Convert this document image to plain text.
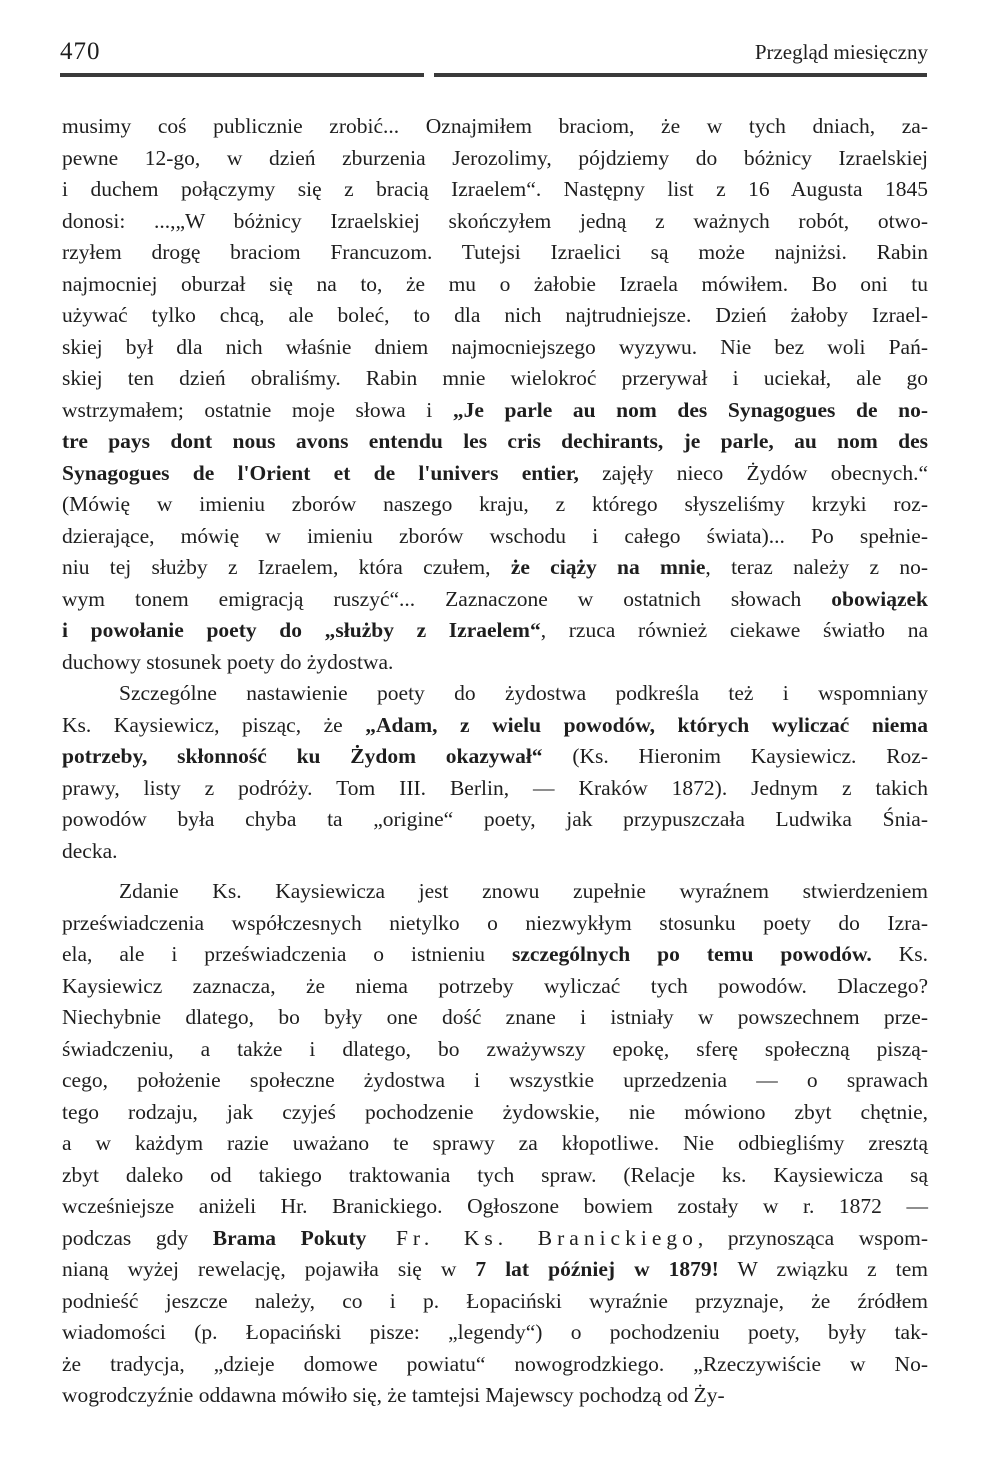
470	Przegląd miesięczny
musimy coś publicznie zrobić... Oznajmiłem braciom, że w tych dniach, za-
pewne 12-go, w dzień zburzenia Jerozolimy, pójdziemy do bóżnicy Izraelskiej
i duchem połączymy się z bracią Izraelem“. Następny list z 16 Augusta 1845
donosi: ...,„W bóżnicy Izraelskiej skończyłem jedną z ważnych robót, otwo-
rzyłem drogę braciom Francuzom. Tutejsi Izraelici są może najniżsi. Rabin
najmocniej oburzał się na to, że mu o żałobie Izraela mówiłem. Bo oni tu
używać tylko chcą, ale boleć, to dla nich najtrudniejsze. Dzień żałoby Izrael-
skiej był dla nich właśnie dniem najmocniejszego wyzywu. Nie bez woli Pań-
skiej ten dzień obraliśmy. Rabin mnie wielokroć przerywał i uciekał, ale go
wstrzymałem; ostatnie moje słowa i „Je parle au nom des Synagogues de no-
tre pays dont nous avons entendu les cris dechirants, je parle, au nom des
Synagogues de l'Orient et de l'univers entier, zajęły nieco Żydów obecnych.“
(Mówię w imieniu zborów naszego kraju, z którego słyszeliśmy krzyki roz-
dzierające, mówię w imieniu zborów wschodu i całego świata)... Po spełnie-
niu tej służby z Izraelem, która czułem, że ciąży na mnie, teraz należy z no-
wym tonem emigracją ruszyć“... Zaznaczone w ostatnich słowach obowiązek
i powołanie poety do „służby z Izraelem“, rzuca również ciekawe światło na
duchowy stosunek poety do żydostwa.
Szczególne nastawienie poety do żydostwa podkreśla też i wspomniany
Ks. Kaysiewicz, pisząc, że „Adam, z wielu powodów, których wyliczać niema
potrzeby, skłonność ku Żydom okazywał“ (Ks. Hieronim Kaysiewicz. Roz-
prawy, listy z podróży. Tom III. Berlin, — Kraków 1872). Jednym z takich
powodów była chyba ta „origine“ poety, jak przypuszczała Ludwika Śnia-
decka.
Zdanie Ks. Kaysiewicza jest znowu zupełnie wyraźnem stwierdzeniem
przeświadczenia współczesnych nietylko o niezwykłym stosunku poety do Izra-
ela, ale i przeświadczenia o istnieniu szczególnych po temu powodów. Ks.
Kaysiewicz zaznacza, że niema potrzeby wyliczać tych powodów. Dlaczego?
Niechybnie dlatego, bo były one dość znane i istniały w powszechnem prze-
świadczeniu, a także i dlatego, bo zważywszy epokę, sferę społeczną piszą-
cego, położenie społeczne żydostwa i wszystkie uprzedzenia — o sprawach
tego rodzaju, jak czyjeś pochodzenie żydowskie, nie mówiono zbyt chętnie,
a w każdym razie uważano te sprawy za kłopotliwe. Nie odbiegliśmy zresztą
zbyt daleko od takiego traktowania tych spraw. (Relacje ks. Kaysiewicza są
wcześniejsze aniżeli Hr. Branickiego. Ogłoszone bowiem zostały w r. 1872 —
podczas gdy Brama Pokuty Fr. Ks. Branickiego, przynosząca wspom-
nianą wyżej rewelację, pojawiła się w 7 lat później w 1879! W związku z tem
podnieść jeszcze należy, co i p. Łopaciński wyraźnie przyznaje, że źródłem
wiadomości (p. Łopaciński pisze: „legendy“) o pochodzeniu poety, były tak-
że tradycja, „dzieje domowe powiatu“ nowogrodzkiego. „Rzeczywiście w No-
wogrodczyźnie oddawna mówiło się, że tamtejsi Majewscy pochodzą od Ży-
